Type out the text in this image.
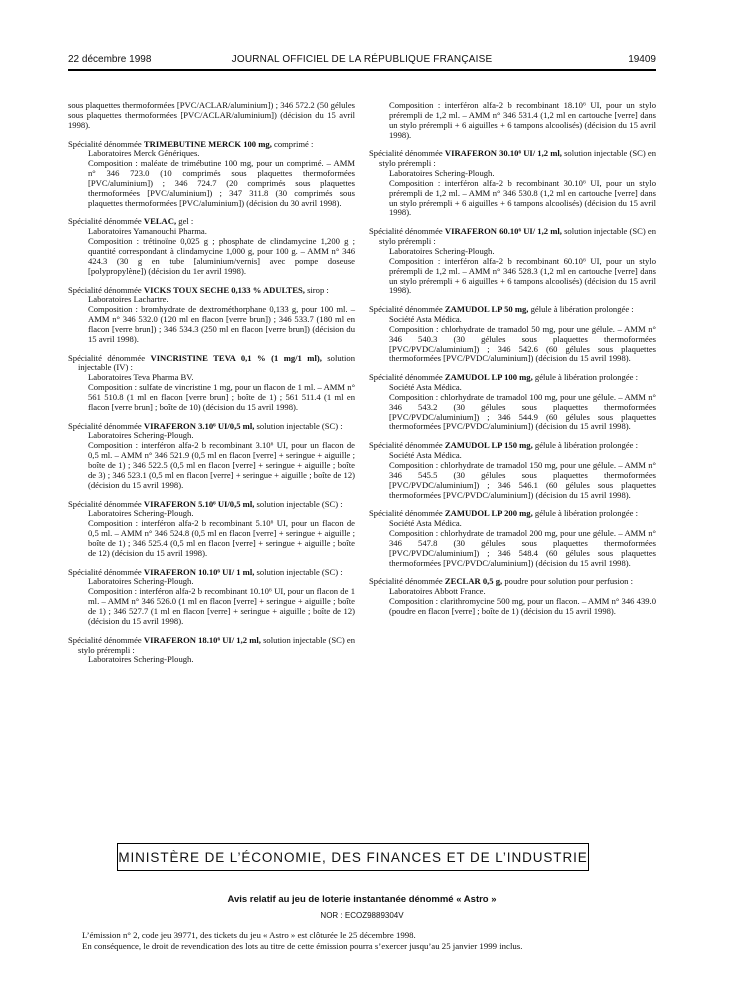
22 décembre 1998	JOURNAL OFFICIEL DE LA RÉPUBLIQUE FRANÇAISE	19409
sous plaquettes thermoformées [PVC/ACLAR/aluminium]) ; 346 572.2 (50 gélules sous plaquettes thermoformées [PVC/ACLAR/aluminium]) (décision du 15 avril 1998).
Spécialité dénommée TRIMEBUTINE MERCK 100 mg, comprimé :
Laboratoires Merck Génériques.
Composition : maléate de trimébutine 100 mg, pour un comprimé. – AMM n° 346 723.0 (10 comprimés sous plaquettes thermoformées [PVC/aluminium]) ; 346 724.7 (20 comprimés sous plaquettes thermoformées [PVC/aluminium]) ; 347 311.8 (30 comprimés sous plaquettes thermoformées [PVC/aluminium]) (décision du 30 avril 1998).
Spécialité dénommée VELAC, gel :
Laboratoires Yamanouchi Pharma.
Composition : trétinoïne 0,025 g ; phosphate de clindamycine 1,200 g ; quantité correspondant à clindamycine 1,000 g, pour 100 g. – AMM n° 346 424.3 (30 g en tube [aluminium/vernis] avec pompe doseuse [polypropylène]) (décision du 1er avril 1998).
Spécialité dénommée VICKS TOUX SECHE 0,133 % ADULTES, sirop :
Laboratoires Lachartre.
Composition : bromhydrate de dextrométhorphane 0,133 g, pour 100 ml. – AMM n° 346 532.0 (120 ml en flacon [verre brun]) ; 346 533.7 (180 ml en flacon [verre brun]) ; 346 534.3 (250 ml en flacon [verre brun]) (décision du 15 avril 1998).
Spécialité dénommée VINCRISTINE TEVA 0,1 % (1 mg/1 ml), solution injectable (IV) :
Laboratoires Teva Pharma BV.
Composition : sulfate de vincristine 1 mg, pour un flacon de 1 ml. – AMM n° 561 510.8 (1 ml en flacon [verre brun] ; boîte de 1) ; 561 511.4 (1 ml en flacon [verre brun] ; boîte de 10) (décision du 15 avril 1998).
Spécialité dénommée VIRAFERON 3.10⁶ UI/0,5 ml, solution injectable (SC) :
Laboratoires Schering-Plough.
Composition : interféron alfa-2 b recombinant 3.10⁶ UI, pour un flacon de 0,5 ml. – AMM n° 346 521.9 (0,5 ml en flacon [verre] + seringue + aiguille ; boîte de 1) ; 346 522.5 (0,5 ml en flacon [verre] + seringue + aiguille ; boîte de 3) ; 346 523.1 (0,5 ml en flacon [verre] + seringue + aiguille ; boîte de 12) (décision du 15 avril 1998).
Spécialité dénommée VIRAFERON 5.10⁶ UI/0,5 ml, solution injectable (SC) :
Laboratoires Schering-Plough.
Composition : interféron alfa-2 b recombinant 5.10⁶ UI, pour un flacon de 0,5 ml. – AMM n° 346 524.8 (0,5 ml en flacon [verre] + seringue + aiguille ; boîte de 1) ; 346 525.4 (0,5 ml en flacon [verre] + seringue + aiguille ; boîte de 12) (décision du 15 avril 1998).
Spécialité dénommée VIRAFERON 10.10⁶ UI/ 1 ml, solution injectable (SC) :
Laboratoires Schering-Plough.
Composition : interféron alfa-2 b recombinant 10.10⁶ UI, pour un flacon de 1 ml. – AMM n° 346 526.0 (1 ml en flacon [verre] + seringue + aiguille ; boîte de 1) ; 346 527.7 (1 ml en flacon [verre] + seringue + aiguille ; boîte de 12) (décision du 15 avril 1998).
Spécialité dénommée VIRAFERON 18.10⁶ UI/ 1,2 ml, solution injectable (SC) en stylo prérempli :
Laboratoires Schering-Plough.
Composition : interféron alfa-2 b recombinant 18.10⁶ UI, pour un stylo prérempli de 1,2 ml. – AMM n° 346 531.4 (1,2 ml en cartouche [verre] dans un stylo prérempli + 6 aiguilles + 6 tampons alcoolisés) (décision du 15 avril 1998).
Spécialité dénommée VIRAFERON 30.10⁶ UI/ 1,2 ml, solution injectable (SC) en stylo prérempli :
Laboratoires Schering-Plough.
Composition : interféron alfa-2 b recombinant 30.10⁶ UI, pour un stylo prérempli de 1,2 ml. – AMM n° 346 530.8 (1,2 ml en cartouche [verre] dans un stylo prérempli + 6 aiguilles + 6 tampons alcoolisés) (décision du 15 avril 1998).
Spécialité dénommée VIRAFERON 60.10⁶ UI/ 1,2 ml, solution injectable (SC) en stylo prérempli :
Laboratoires Schering-Plough.
Composition : interféron alfa-2 b recombinant 60.10⁶ UI, pour un stylo prérempli de 1,2 ml. – AMM n° 346 528.3 (1,2 ml en cartouche [verre] dans un stylo prérempli + 6 aiguilles + 6 tampons alcoolisés) (décision du 15 avril 1998).
Spécialité dénommée ZAMUDOL LP 50 mg, gélule à libération prolongée :
Société Asta Médica.
Composition : chlorhydrate de tramadol 50 mg, pour une gélule. – AMM n° 346 540.3 (30 gélules sous plaquettes thermoformées [PVC/PVDC/aluminium]) ; 346 542.6 (60 gélules sous plaquettes thermoformées [PVC/PVDC/aluminium]) (décision du 15 avril 1998).
Spécialité dénommée ZAMUDOL LP 100 mg, gélule à libération prolongée :
Société Asta Médica.
Composition : chlorhydrate de tramadol 100 mg, pour une gélule. – AMM n° 346 543.2 (30 gélules sous plaquettes thermoformées [PVC/PVDC/aluminium]) ; 346 544.9 (60 gélules sous plaquettes thermoformées [PVC/PVDC/aluminium]) (décision du 15 avril 1998).
Spécialité dénommée ZAMUDOL LP 150 mg, gélule à libération prolongée :
Société Asta Médica.
Composition : chlorhydrate de tramadol 150 mg, pour une gélule. – AMM n° 346 545.5 (30 gélules sous plaquettes thermoformées [PVC/PVDC/aluminium]) ; 346 546.1 (60 gélules sous plaquettes thermoformées [PVC/PVDC/aluminium]) (décision du 15 avril 1998).
Spécialité dénommée ZAMUDOL LP 200 mg, gélule à libération prolongée :
Société Asta Médica.
Composition : chlorhydrate de tramadol 200 mg, pour une gélule. – AMM n° 346 547.8 (30 gélules sous plaquettes thermoformées [PVC/PVDC/aluminium]) ; 346 548.4 (60 gélules sous plaquettes thermoformées [PVC/PVDC/aluminium]) (décision du 15 avril 1998).
Spécialité dénommée ZECLAR 0,5 g, poudre pour solution pour perfusion :
Laboratoires Abbott France.
Composition : clarithromycine 500 mg, pour un flacon. – AMM n° 346 439.0 (poudre en flacon [verre] ; boîte de 1) (décision du 15 avril 1998).
MINISTÈRE DE L’ÉCONOMIE, DES FINANCES ET DE L’INDUSTRIE
Avis relatif au jeu de loterie instantanée dénommé « Astro »
NOR : ECOZ9889304V
L’émission n° 2, code jeu 39771, des tickets du jeu « Astro » est clôturée le 25 décembre 1998.
En conséquence, le droit de revendication des lots au titre de cette émission pourra s’exercer jusqu’au 25 janvier 1999 inclus.
